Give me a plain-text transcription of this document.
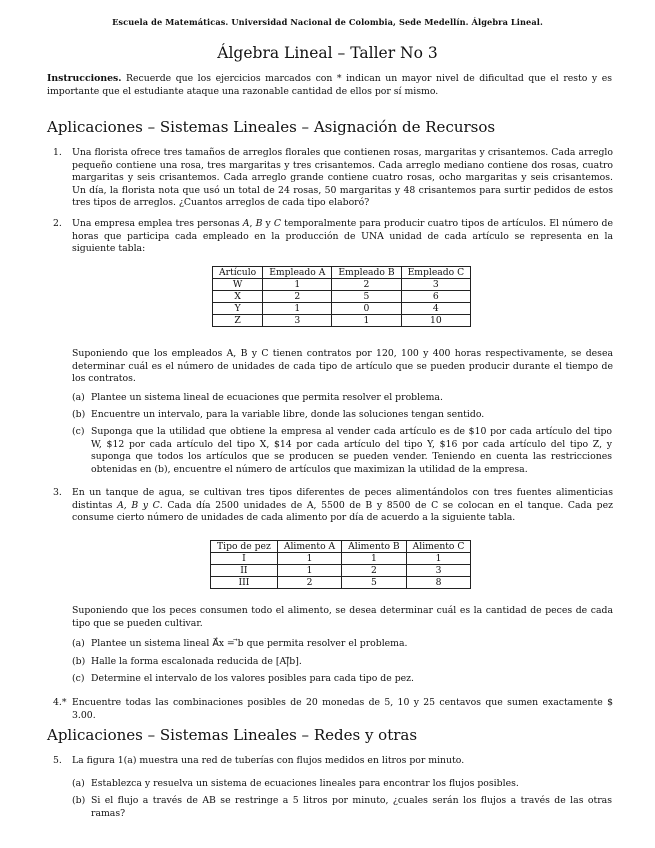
Escuela de Matemáticas. Universidad Nacional de Colombia, Sede Medellín. Álgebra Lineal.
Álgebra Lineal – Taller No 3
Instrucciones. Recuerde que los ejercicios marcados con * indican un mayor nivel de dificultad que el resto y es importante que el estudiante ataque una razonable cantidad de ellos por sí mismo.
Aplicaciones – Sistemas Lineales – Asignación de Recursos
1.	Una florista ofrece tres tamaños de arreglos florales que contienen rosas, margaritas y crisantemos. Cada arreglo pequeño contiene una rosa, tres margaritas y tres crisantemos. Cada arreglo mediano contiene dos rosas, cuatro margaritas y seis crisantemos. Cada arreglo grande contiene cuatro rosas, ocho margaritas y seis crisantemos. Un día, la florista nota que usó un total de 24 rosas, 50 margaritas y 48 crisantemos para surtir pedidos de estos tres tipos de arreglos. ¿Cuantos arreglos de cada tipo elaboró?
2.	Una empresa emplea tres personas A, B y C temporalmente para producir cuatro tipos de artículos. El número de horas que participa cada empleado en la producción de UNA unidad de cada artículo se representa en la siguiente tabla:
Artículo	Empleado A	Empleado B	Empleado C
W	1	2	3
X	2	5	6
Y	1	0	4
Z	3	1	10
Suponiendo que los empleados A, B y C tienen contratos por 120, 100 y 400 horas respectivamente, se desea determinar cuál es el número de unidades de cada tipo de artículo que se pueden producir durante el tiempo de los contratos.
(a) Plantee un sistema lineal de ecuaciones que permita resolver el problema.
(b) Encuentre un intervalo, para la variable libre, donde las soluciones tengan sentido.
(c) Suponga que la utilidad que obtiene la empresa al vender cada artículo es de $10 por cada artículo del tipo W, $12 por cada artículo del tipo X, $14 por cada artículo del tipo Y, $16 por cada artículo del tipo Z, y suponga que todos los artículos que se producen se pueden vender. Teniendo en cuenta las restricciones obtenidas en (b), encuentre el número de artículos que maximizan la utilidad de la empresa.
3.	En un tanque de agua, se cultivan tres tipos diferentes de peces alimentándolos con tres fuentes alimenticias distintas A, B y C. Cada día 2500 unidades de A, 5500 de B y 8500 de C se colocan en el tanque. Cada pez consume cierto número de unidades de cada alimento por día de acuerdo a la siguiente tabla.
Tipo de pez	Alimento A	Alimento B	Alimento C
I	1	1	1
II	1	2	3
III	2	5	8
Suponiendo que los peces consumen todo el alimento, se desea determinar cuál es la cantidad de peces de cada tipo que se pueden cultivar.
(a) Plantee un sistema lineal A⃗x = ⃗b que permita resolver el problema.
(b) Halle la forma escalonada reducida de [A|⃗b].
(c) Determine el intervalo de los valores posibles para cada tipo de pez.
4.* Encuentre todas las combinaciones posibles de 20 monedas de 5, 10 y 25 centavos que sumen exactamente $ 3.00.
Aplicaciones – Sistemas Lineales – Redes y otras
5.	La figura 1(a) muestra una red de tuberías con flujos medidos en litros por minuto.
(a) Establezca y resuelva un sistema de ecuaciones lineales para encontrar los flujos posibles.
(b) Si el flujo a través de AB se restringe a 5 litros por minuto, ¿cuales serán los flujos a través de las otras ramas?
